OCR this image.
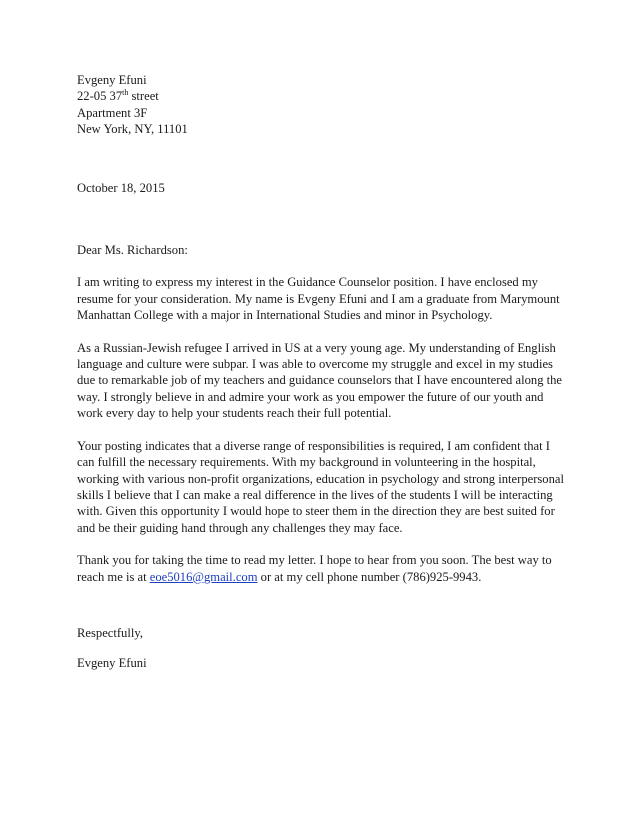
Evgeny Efuni
22-05 37th street
Apartment 3F
New York, NY, 11101
October 18, 2015
Dear Ms. Richardson:
I am writing to express my interest in the Guidance Counselor position. I have enclosed my resume for your consideration. My name is Evgeny Efuni and I am a graduate from Marymount Manhattan College with a major in International Studies and minor in Psychology.
As a Russian-Jewish refugee I arrived in US at a very young age. My understanding of English language and culture were subpar. I was able to overcome my struggle and excel in my studies due to remarkable job of my teachers and guidance counselors that I have encountered along the way. I strongly believe in and admire your work as you empower the future of our youth and work every day to help your students reach their full potential.
Your posting indicates that a diverse range of responsibilities is required, I am confident that I can fulfill the necessary requirements. With my background in volunteering in the hospital, working with various non-profit organizations, education in psychology and strong interpersonal skills I believe that I can make a real difference in the lives of the students I will be interacting with. Given this opportunity I would hope to steer them in the direction they are best suited for and be their guiding hand through any challenges they may face.
Thank you for taking the time to read my letter. I hope to hear from you soon. The best way to reach me is at eoe5016@gmail.com or at my cell phone number (786)925-9943.
Respectfully,
Evgeny Efuni
